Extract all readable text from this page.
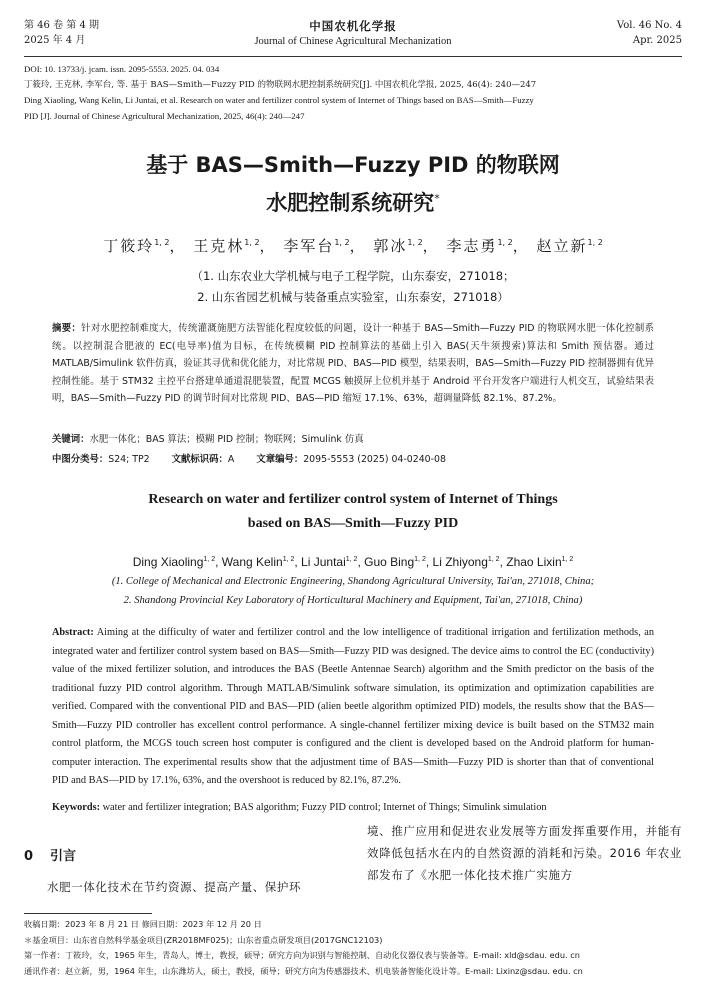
第 46 卷 第 4 期
2025 年 4 月
中国农机化学报
Journal of Chinese Agricultural Mechanization
Vol. 46 No. 4
Apr. 2025
DOI: 10. 13733/j. jcam. issn. 2095-5553. 2025. 04. 034
丁筱玲, 王克林, 李军台, 等. 基于 BAS—Smith—Fuzzy PID 的物联网水肥控制系统研究[J]. 中国农机化学报, 2025, 46(4): 240—247
Ding Xiaoling, Wang Kelin, Li Juntai, et al. Research on water and fertilizer control system of Internet of Things based on BAS—Smith—Fuzzy
PID [J]. Journal of Chinese Agricultural Mechanization, 2025, 46(4): 240—247
基于 BAS—Smith—Fuzzy PID 的物联网
水肥控制系统研究*
丁筱玲$^{1, 2}$， 王克林$^{1, 2}$， 李军台$^{1, 2}$， 郭冰$^{1, 2}$， 李志勇$^{1, 2}$， 赵立新$^{1, 2}$
（1. 山东农业大学机械与电子工程学院，山东泰安，271018；
2. 山东省园艺机械与装备重点实验室，山东泰安，271018）
摘要：针对水肥控制难度大，传统灌溉施肥方法智能化程度较低的问题，设计一种基于 BAS—Smith—Fuzzy PID 的物联网水肥一体化控制系统。以控制混合肥液的 EC(电导率)值为目标，在传统模糊 PID 控制算法的基础上引入 BAS(天牛须搜索)算法和 Smith 预估器。通过 MATLAB/Simulink 软件仿真，验证其寻优和优化能力，对比常规 PID、BAS—PID 模型，结果表明，BAS—Smith—Fuzzy PID 控制器拥有优异控制性能。基于 STM32 主控平台搭建单通道混肥装置，配置 MCGS 触摸屏上位机并基于 Android 平台开发客户端进行人机交互，试验结果表明，BAS—Smith—Fuzzy PID 的调节时间对比常规 PID、BAS—PID 缩短 17.1%、63%，超调量降低 82.1%、87.2%。
关键词：水肥一体化；BAS 算法；模糊 PID 控制；物联网；Simulink 仿真
中图分类号：S24; TP2 文献标识码：A 文章编号：2095-5553 (2025) 04-0240-08
Research on water and fertilizer control system of Internet of Things
based on BAS—Smith—Fuzzy PID
Ding Xiaoling$^{1, 2}$, Wang Kelin$^{1, 2}$, Li Juntai$^{1, 2}$, Guo Bing$^{1, 2}$, Li Zhiyong$^{1, 2}$, Zhao Lixin$^{1, 2}$
(1. College of Mechanical and Electronic Engineering, Shandong Agricultural University, Tai'an, 271018, China;
2. Shandong Provincial Key Laboratory of Horticultural Machinery and Equipment, Tai'an, 271018, China)
Abstract: Aiming at the difficulty of water and fertilizer control and the low intelligence of traditional irrigation and fertilization methods, an integrated water and fertilizer control system based on BAS—Smith—Fuzzy PID was designed. The device aims to control the EC (conductivity) value of the mixed fertilizer solution, and introduces the BAS (Beetle Antennae Search) algorithm and the Smith predictor on the basis of the traditional fuzzy PID control algorithm. Through MATLAB/Simulink software simulation, its optimization and optimization capabilities are verified. Compared with the conventional PID and BAS—PID (alien beetle algorithm optimized PID) models, the results show that the BAS—Smith—Fuzzy PID controller has excellent control performance. A single-channel fertilizer mixing device is built based on the STM32 main control platform, the MCGS touch screen host computer is configured and the client is developed based on the Android platform for human-computer interaction. The experimental results show that the adjustment time of BAS—Smith—Fuzzy PID is shorter than that of conventional PID and BAS—PID by 17.1%, 63%, and the overshoot is reduced by 82.1%, 87.2%.
Keywords: water and fertilizer integration; BAS algorithm; Fuzzy PID control; Internet of Things; Simulink simulation
0 引言
水肥一体化技术在节约资源、提高产量、保护环
境、推广应用和促进农业发展等方面发挥重要作用，并能有效降低包括水在内的自然资源的消耗和污染。2016 年农业部发布了《水肥一体化技术推广实施方
收稿日期：2023 年 8 月 21 日 修回日期：2023 年 12 月 20 日
＊基金项目：山东省自然科学基金项目(ZR2018MF025)；山东省重点研发项目(2017GNC12103)
第一作者：丁筱玲，女，1965 年生，青岛人，博士，教授，硕导；研究方向为识别与智能控制、自动化仪器仪表与装备等。E-mail: xld@sdau. edu. cn
通讯作者：赵立新，男，1964 年生，山东潍坊人，硕士，教授，硕导；研究方向为传感器技术、机电装备智能化设计等。E-mail: Lixinz@sdau. edu. cn
